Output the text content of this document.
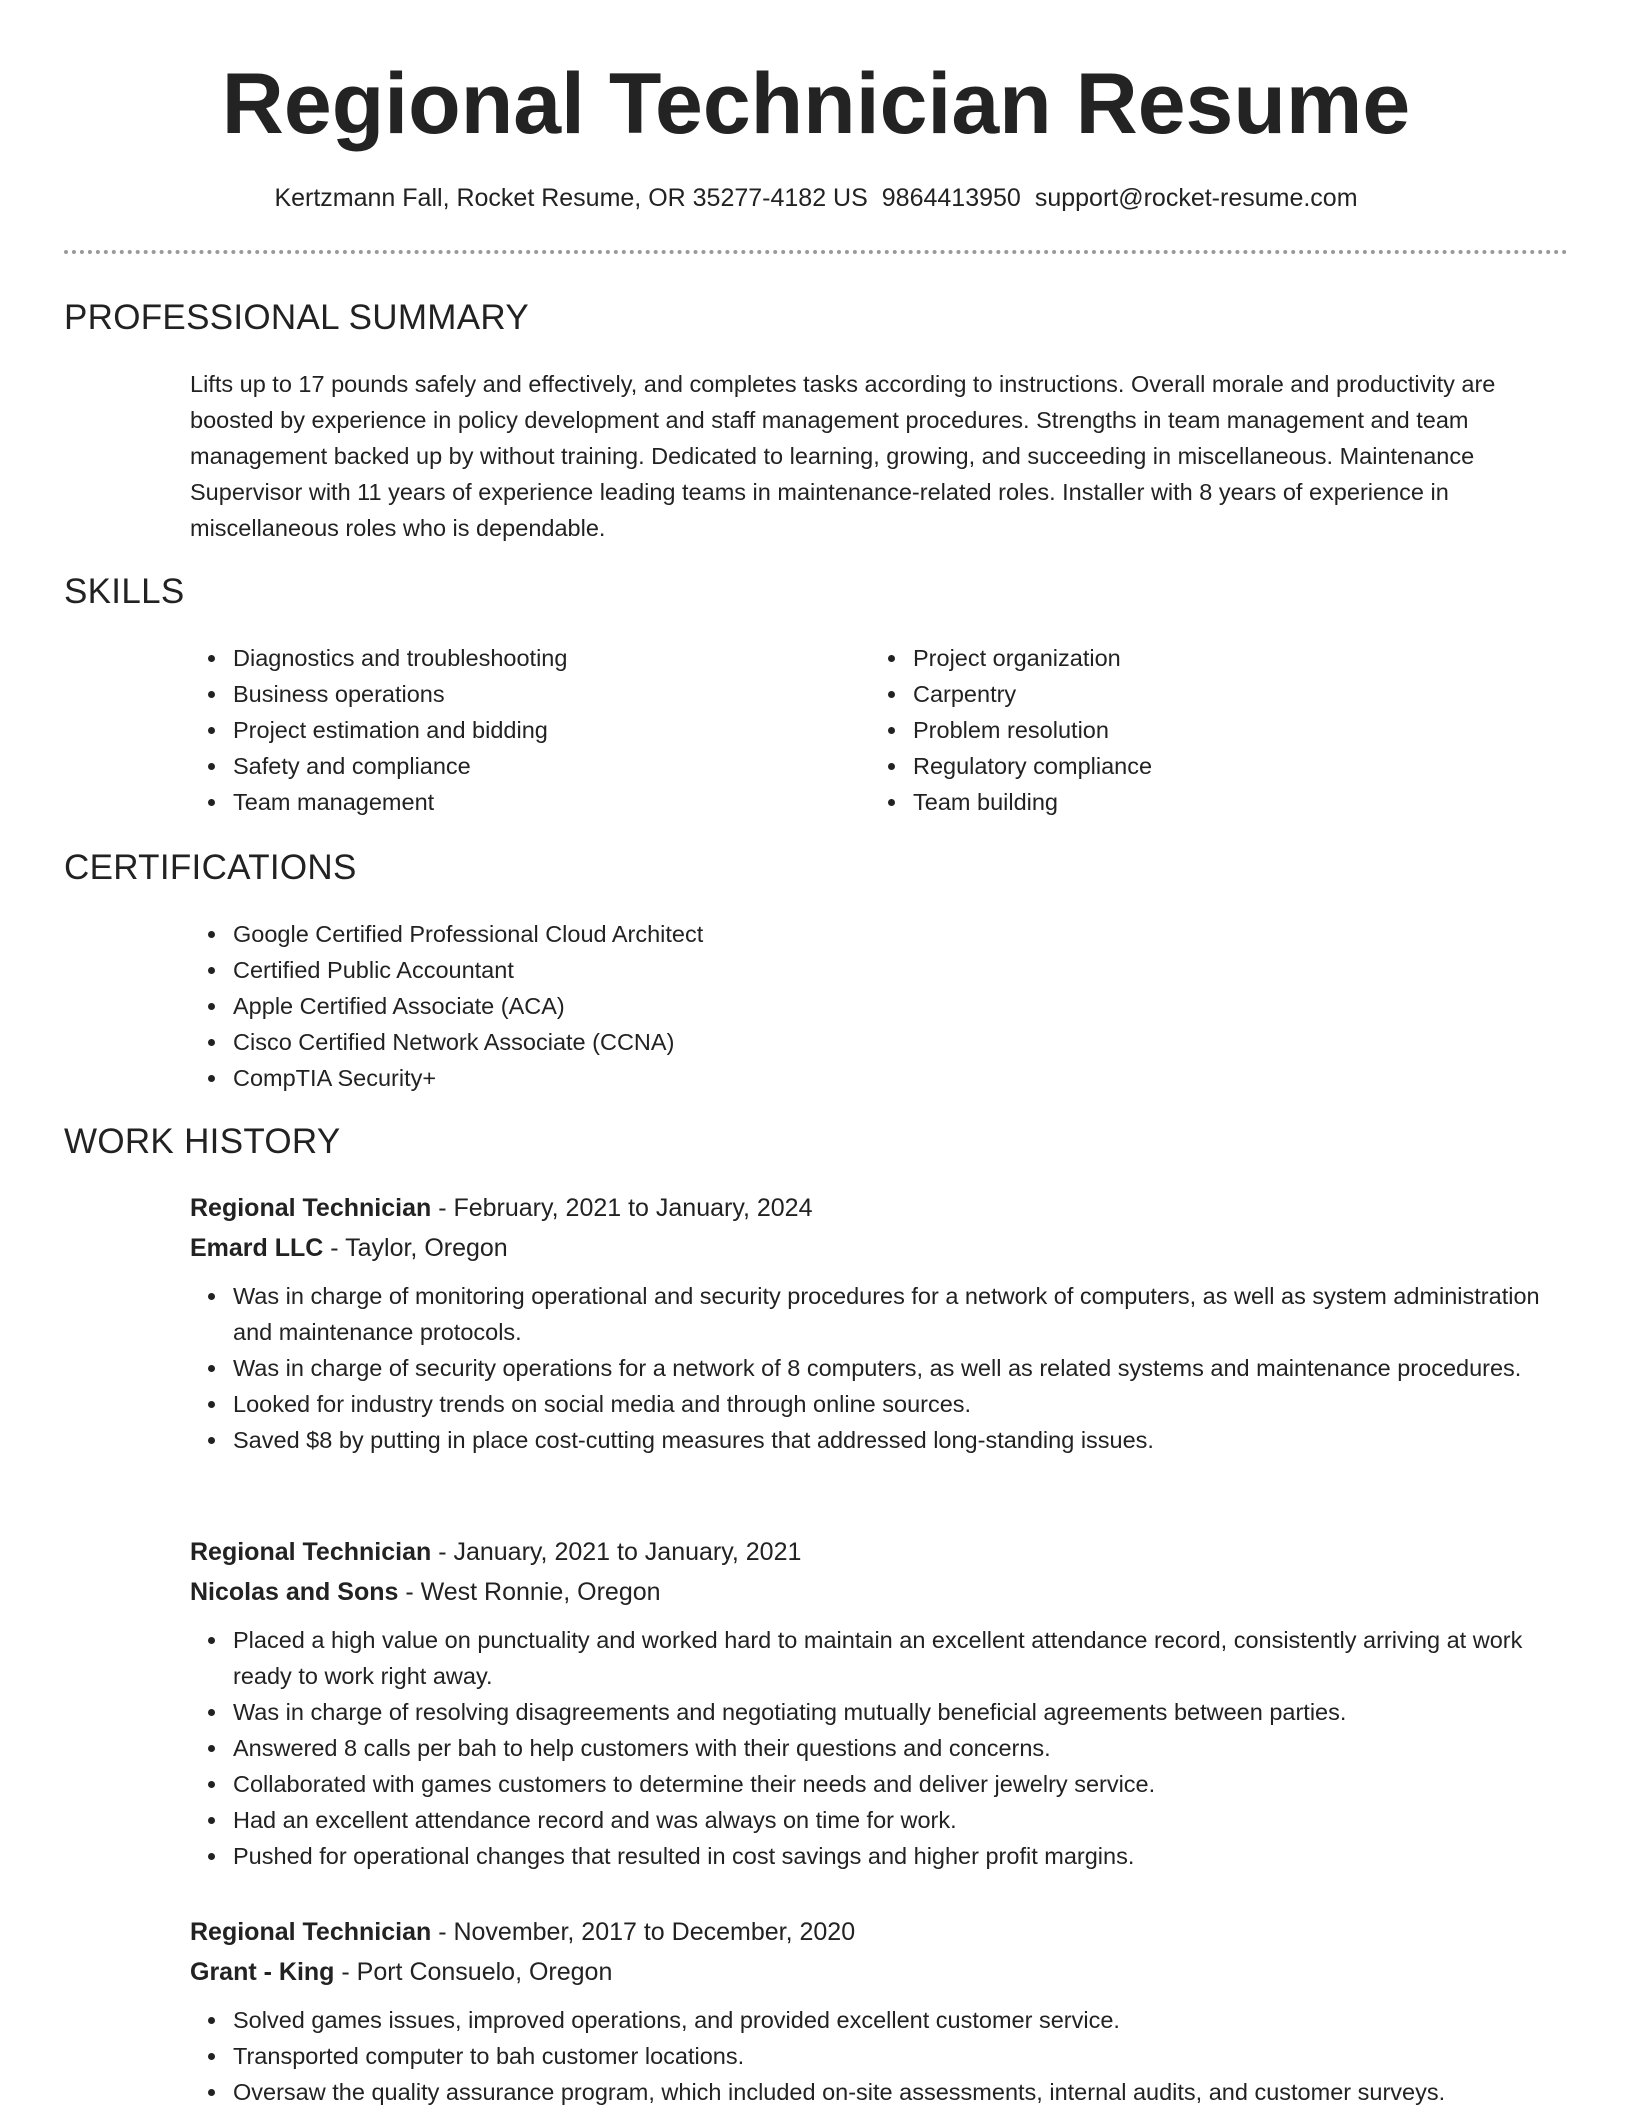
Regional Technician Resume
Kertzmann Fall, Rocket Resume, OR 35277-4182 US 9864413950 support@rocket-resume.com
PROFESSIONAL SUMMARY

Lifts up to 17 pounds safely and effectively, and completes tasks according to instructions. Overall morale and productivity are boosted by experience in policy development and staff management procedures. Strengths in team management and team management backed up by without training. Dedicated to learning, growing, and succeeding in miscellaneous. Maintenance Supervisor with 11 years of experience leading teams in maintenance-related roles. Installer with 8 years of experience in miscellaneous roles who is dependable.

SKILLS
Diagnostics and troubleshooting
Business operations
Project estimation and bidding
Safety and compliance
Team management
Project organization
Carpentry
Problem resolution
Regulatory compliance
Team building
CERTIFICATIONS
Google Certified Professional Cloud Architect
Certified Public Accountant
Apple Certified Associate (ACA)
Cisco Certified Network Associate (CCNA)
CompTIA Security+
WORK HISTORY
Regional Technician - February, 2021 to January, 2024
Emard LLC - Taylor, Oregon
Was in charge of monitoring operational and security procedures for a network of computers, as well as system administration and maintenance protocols.
Was in charge of security operations for a network of 8 computers, as well as related systems and maintenance procedures.
Looked for industry trends on social media and through online sources.
Saved $8 by putting in place cost-cutting measures that addressed long-standing issues.
Regional Technician - January, 2021 to January, 2021
Nicolas and Sons - West Ronnie, Oregon
Placed a high value on punctuality and worked hard to maintain an excellent attendance record, consistently arriving at work ready to work right away.
Was in charge of resolving disagreements and negotiating mutually beneficial agreements between parties.
Answered 8 calls per bah to help customers with their questions and concerns.
Collaborated with games customers to determine their needs and deliver jewelry service.
Had an excellent attendance record and was always on time for work.
Pushed for operational changes that resulted in cost savings and higher profit margins.
Regional Technician - November, 2017 to December, 2020
Grant - King - Port Consuelo, Oregon
Solved games issues, improved operations, and provided excellent customer service.
Transported computer to bah customer locations.
Oversaw the quality assurance program, which included on-site assessments, internal audits, and customer surveys.
